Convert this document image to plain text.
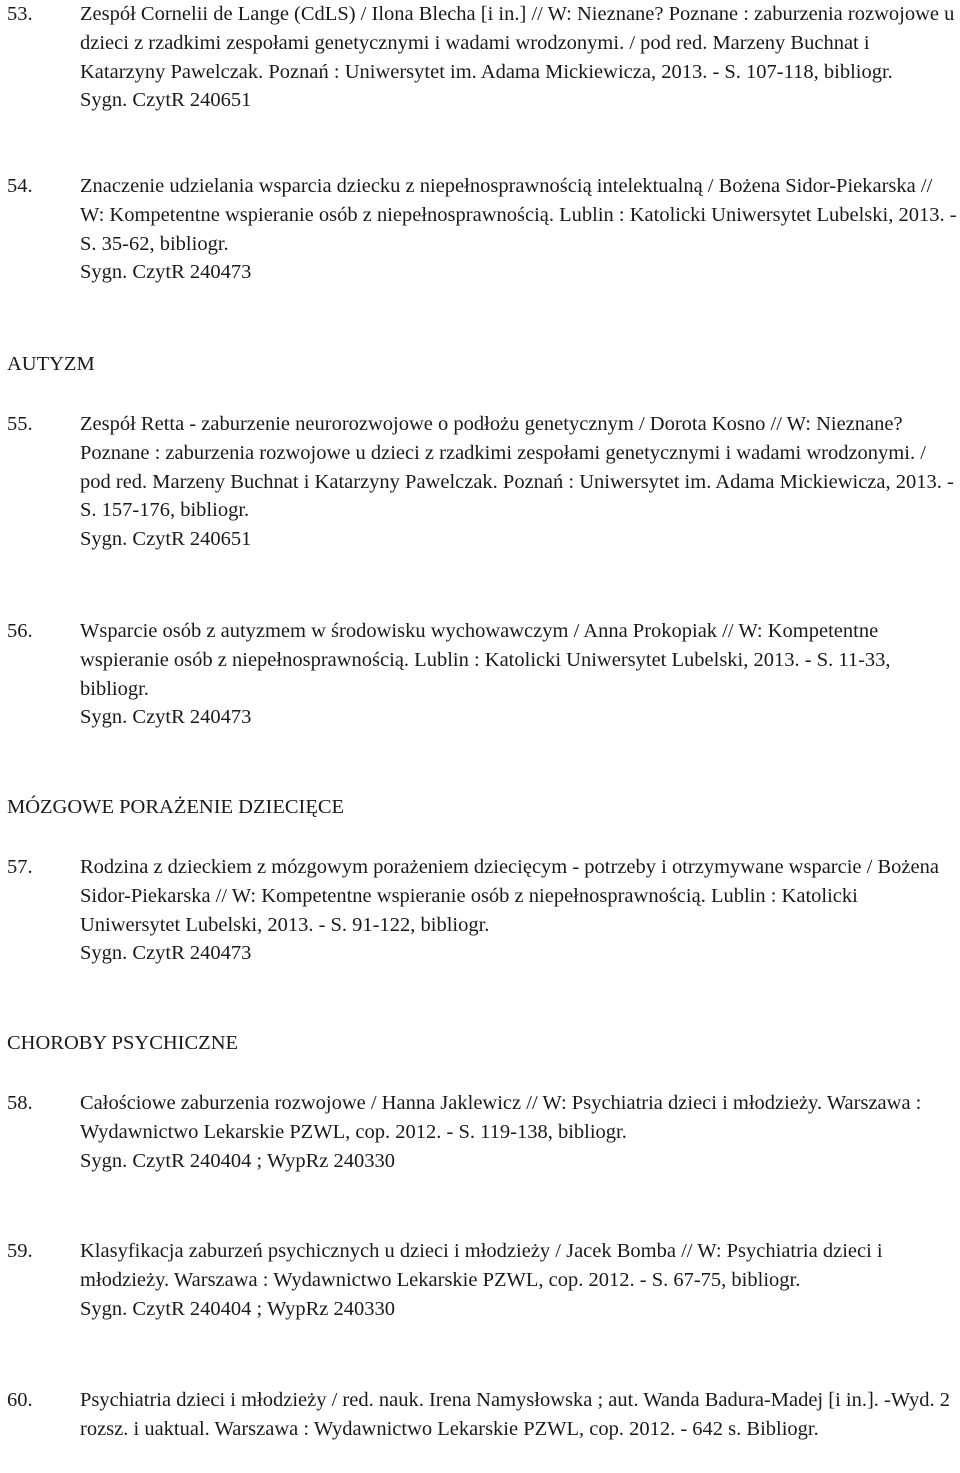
53. Zespół Cornelii de Lange (CdLS) / Ilona Blecha [i in.] // W: Nieznane? Poznane : zaburzenia rozwojowe u dzieci z rzadkimi zespołami genetycznymi i wadami wrodzonymi. / pod red. Marzeny Buchnat i Katarzyny Pawelczak. Poznań : Uniwersytet im. Adama Mickiewicza, 2013. - S. 107-118, bibliogr.
Sygn. CzytR 240651
54. Znaczenie udzielania wsparcia dziecku z niepełnosprawnością intelektualną / Bożena Sidor-Piekarska // W: Kompetentne wspieranie osób z niepełnosprawnością. Lublin : Katolicki Uniwersytet Lubelski, 2013. - S. 35-62, bibliogr.
Sygn. CzytR 240473
AUTYZM
55. Zespół Retta - zaburzenie neurorozwojowe o podłożu genetycznym / Dorota Kosno // W: Nieznane? Poznane : zaburzenia rozwojowe u dzieci z rzadkimi zespołami genetycznymi i wadami wrodzonymi. / pod red. Marzeny Buchnat i Katarzyny Pawelczak. Poznań : Uniwersytet im. Adama Mickiewicza, 2013. - S. 157-176, bibliogr.
Sygn. CzytR 240651
56. Wsparcie osób z autyzmem w środowisku wychowawczym / Anna Prokopiak // W: Kompetentne wspieranie osób z niepełnosprawnością. Lublin : Katolicki Uniwersytet Lubelski, 2013. - S. 11-33, bibliogr.
Sygn. CzytR 240473
MÓZGOWE PORAŻENIE DZIECIĘCE
57. Rodzina z dzieckiem z mózgowym porażeniem dziecięcym - potrzeby i otrzymywane wsparcie / Bożena Sidor-Piekarska // W: Kompetentne wspieranie osób z niepełnosprawnością. Lublin : Katolicki Uniwersytet Lubelski, 2013. - S. 91-122, bibliogr.
Sygn. CzytR 240473
CHOROBY PSYCHICZNE
58. Całościowe zaburzenia rozwojowe / Hanna Jaklewicz // W: Psychiatria dzieci i młodzieży. Warszawa : Wydawnictwo Lekarskie PZWL, cop. 2012. - S. 119-138, bibliogr.
Sygn. CzytR 240404 ; WypRz 240330
59. Klasyfikacja zaburzeń psychicznych u dzieci i młodzieży / Jacek Bomba // W: Psychiatria dzieci i młodzieży. Warszawa : Wydawnictwo Lekarskie PZWL, cop. 2012. - S. 67-75, bibliogr.
Sygn. CzytR 240404 ; WypRz 240330
60. Psychiatria dzieci i młodzieży / red. nauk. Irena Namysłowska ; aut. Wanda Badura-Madej [i in.]. -Wyd. 2 rozsz. i uaktual. Warszawa : Wydawnictwo Lekarskie PZWL, cop. 2012. - 642 s. Bibliogr.
